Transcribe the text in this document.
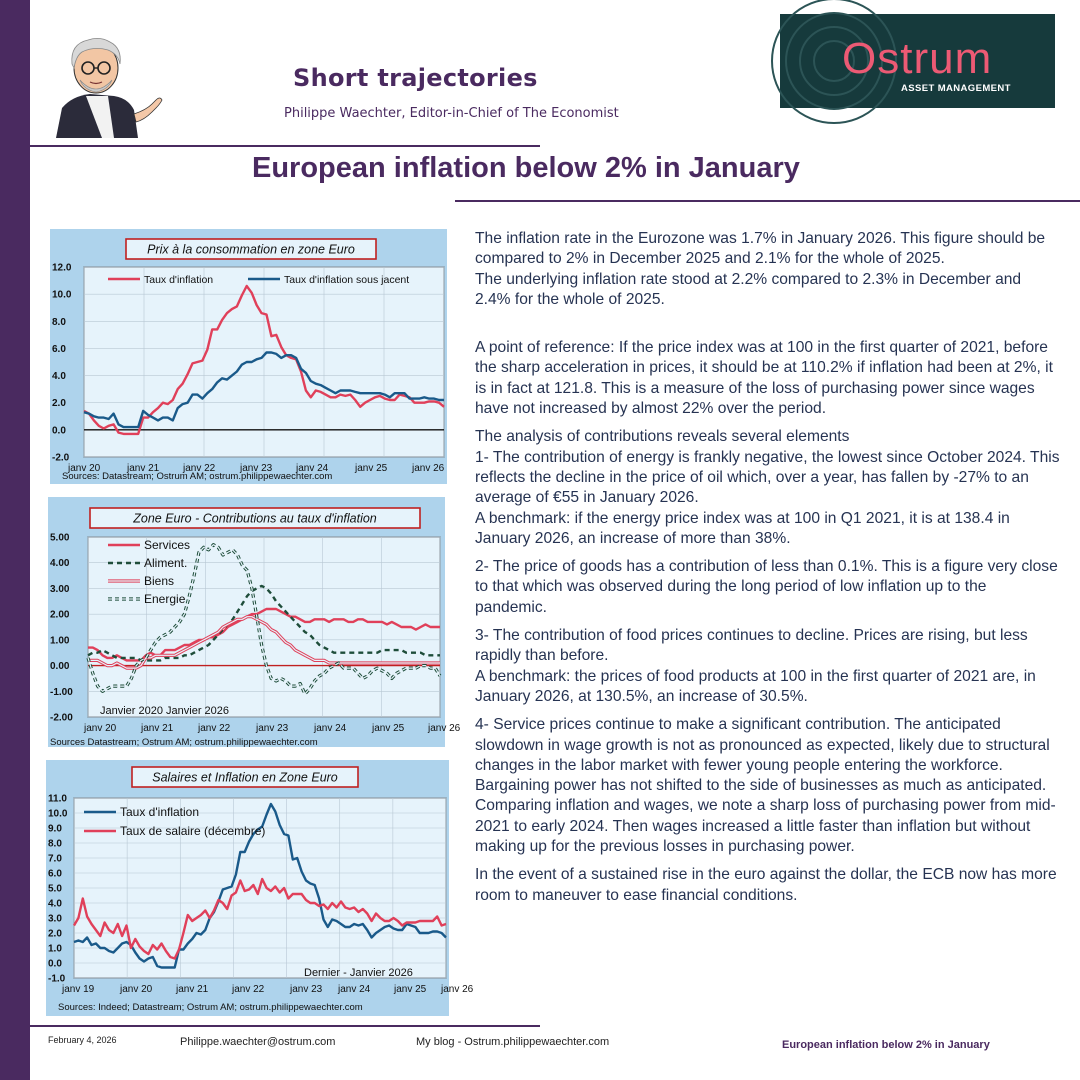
Short trajectories
Philippe Waechter, Editor-in-Chief of The Economist
Ostrum
ASSET MANAGEMENT
European inflation below 2% in January
12.0
10.0
8.0
6.0
4.0
2.0
0.0
-2.0
janv 20	janv 21 janv 22 janv 23 janv 24	janv 25 janv 26
Taux d'inflation	Taux d'inflation sous jacent
Prix à la consommation en zone Euro
Sources: Datastream; Ostrum AM; ostrum.philippewaechter.com
5.00
4.00
3.00
2.00
1.00
0.00
-1.00
-2.00
janv 20 janv 21 janv 22	janv 23	janv 24	janv 25 janv 26
Services
Aliment.
Biens
Energie
Zone Euro - Contributions au taux d'inflation
Janvier 2020 Janvier 2026
Sources Datastream; Ostrum AM; ostrum.philippewaechter.com
11.0
10.0
9.0
8.0
7.0
6.0
5.0
4.0
3.0
2.0
1.0
0.0
-1.0
janv 19	janv 20 janv 21 janv 22	janv 23 janv 24 janv 25 janv 26
Taux d'inflation
Taux de salaire (décembre)
Salaires et Inflation en Zone Euro
Dernier - Janvier 2026
Sources: Indeed; Datastream; Ostrum AM; ostrum.philippewaechter.com

The inflation rate in the Eurozone was 1.7% in January 2026. This figure should be compared to 2% in December 2025 and 2.1% for the whole of 2025.

The underlying inflation rate stood at 2.2% compared to 2.3% in December and 2.4% for the whole of 2025.

A point of reference: If the price index was at 100 in the first quarter of 2021, before the sharp acceleration in prices, it should be at 110.2% if inflation had been at 2%, it is in fact at 121.8. This is a measure of the loss of purchasing power since wages have not increased by almost 22% over the period.

The analysis of contributions reveals several elements

1- The contribution of energy is frankly negative, the lowest since October 2024. This reflects the decline in the price of oil which, over a year, has fallen by -27% to an average of €55 in January 2026.

A benchmark: if the energy price index was at 100 in Q1 2021, it is at 138.4 in January 2026, an increase of more than 38%.

2- The price of goods has a contribution of less than 0.1%. This is a figure very close to that which was observed during the long period of low inflation up to the pandemic.

3- The contribution of food prices continues to decline. Prices are rising, but less rapidly than before.

A benchmark: the prices of food products at 100 in the first quarter of 2021 are, in January 2026, at 130.5%, an increase of 30.5%.

4- Service prices continue to make a significant contribution. The anticipated slowdown in wage growth is not as pronounced as expected, likely due to structural changes in the labor market with fewer young people entering the workforce. Bargaining power has not shifted to the side of businesses as much as anticipated.

Comparing inflation and wages, we note a sharp loss of purchasing power from mid-2021 to early 2024. Then wages increased a little faster than inflation but without making up for the previous losses in purchasing power.

In the event of a sustained rise in the euro against the dollar, the ECB now has more room to maneuver to ease financial conditions.

February 4, 2026	Philippe.waechter@ostrum.com	My blog - Ostrum.philippewaechter.com	European inflation below 2% in January
